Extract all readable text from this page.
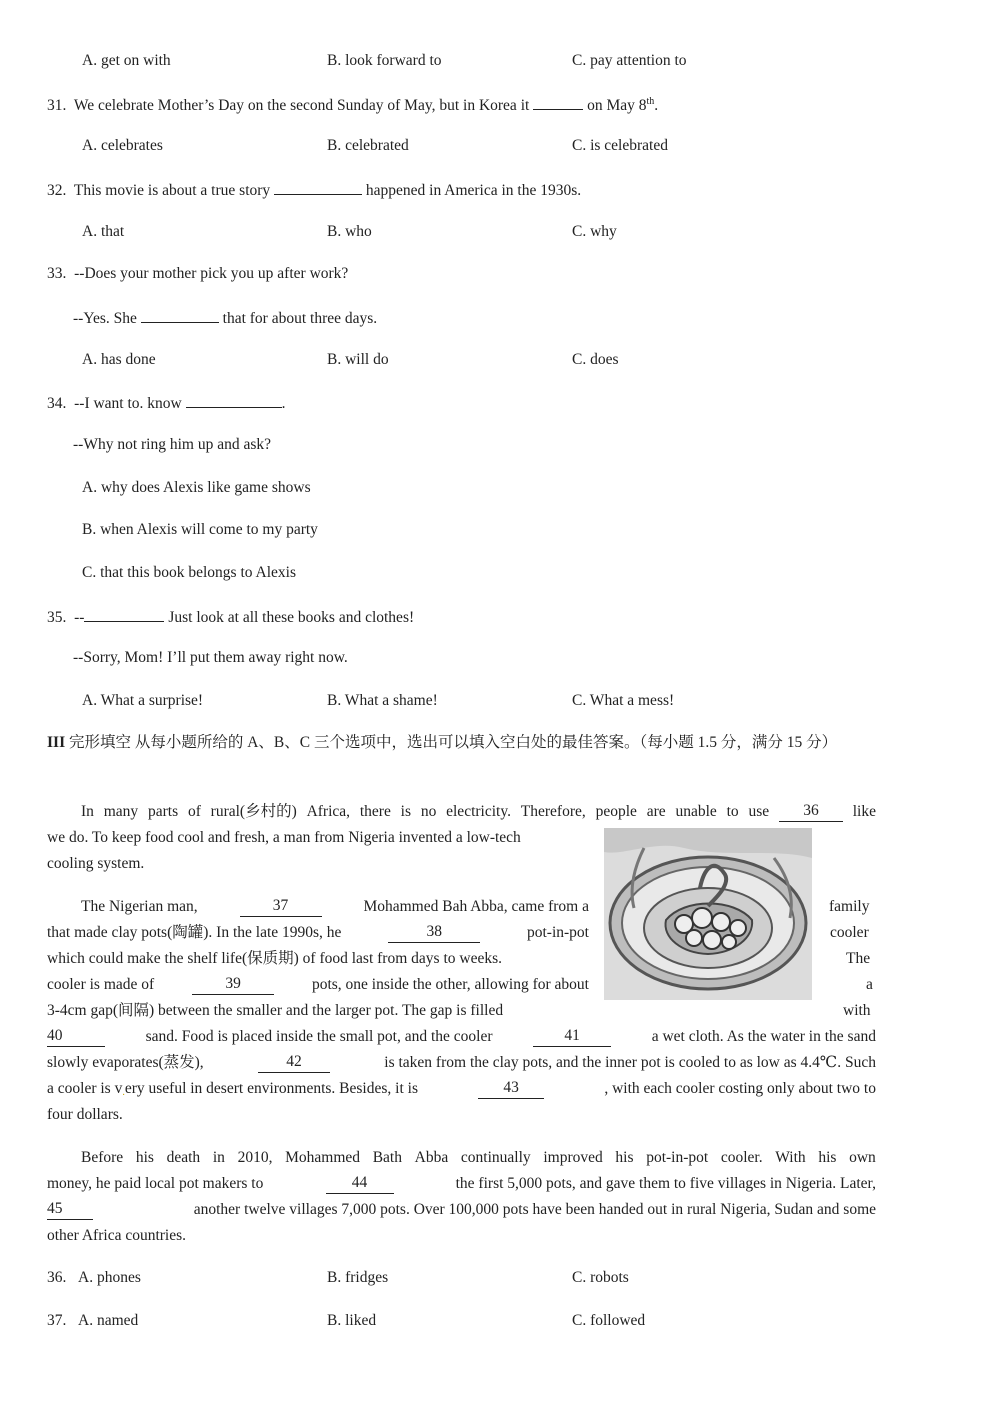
A. get on with	B. look forward to	C. pay attention to
31. We celebrate Mother’s Day on the second Sunday of May, but in Korea it	on May 8th.
A. celebrates	B. celebrated	C. is celebrated
32. This movie is about a true story	happened in America in the 1930s.
A. that	B. who	C. why
33. --Does your mother pick you up after work?
--Yes. She	that for about three days.
A. has done	B. will do	C. does
34. --I want to. know	.
--Why not ring him up and ask?
A. why does Alexis like game shows
B. when Alexis will come to my party
C. that this book belongs to Alexis
35. --	Just look at all these books and clothes!
--Sorry, Mom! I’ll put them away right now.
A. What a surprise!	B. What a shame!	C. What a mess!
III 完形填空 从每小题所给的 A、B、C 三个选项中，选出可以填入空白处的最佳答案。（每小题 1.5 分，满分 15 分）
In many parts of rural(乡村的) Africa, there is no electricity. Therefore, people are unable to use	36	like
we do. To keep food cool and fresh, a man from Nigeria invented a low-tech
cooling system.
The Nigerian man,	37	Mohammed Bah Abba, came from a	family
that made clay pots(陶罐). In the late 1990s, he	38	pot-in-pot	cooler
which could make the shelf life(保质期) of food last from days to weeks.	The
cooler is made of	39	pots, one inside the other, allowing for about	a
3-4cm gap(间隔) between the smaller and the larger pot. The gap is filled	with
40	sand. Food is placed inside the small pot, and the cooler	41	a wet cloth. As the water in the sand
slowly evaporates(蒸发),	42	is taken from the clay pots, and the inner pot is cooled to as low as 4.4℃. Such
a cooler is v.ery useful in desert environments. Besides, it is	43	, with each cooler costing only about two to
four dollars.
Before his death in 2010, Mohammed Bath Abba continually improved his pot-in-pot cooler. With his own
money, he paid local pot makers to	44	the first 5,000 pots, and gave them to five villages in Nigeria. Later,
45	another twelve villages 7,000 pots. Over 100,000 pots have been handed out in rural Nigeria, Sudan and some
other Africa countries.
36. A. phones	B. fridges	C. robots
37. A. named	B. liked	C. followed
